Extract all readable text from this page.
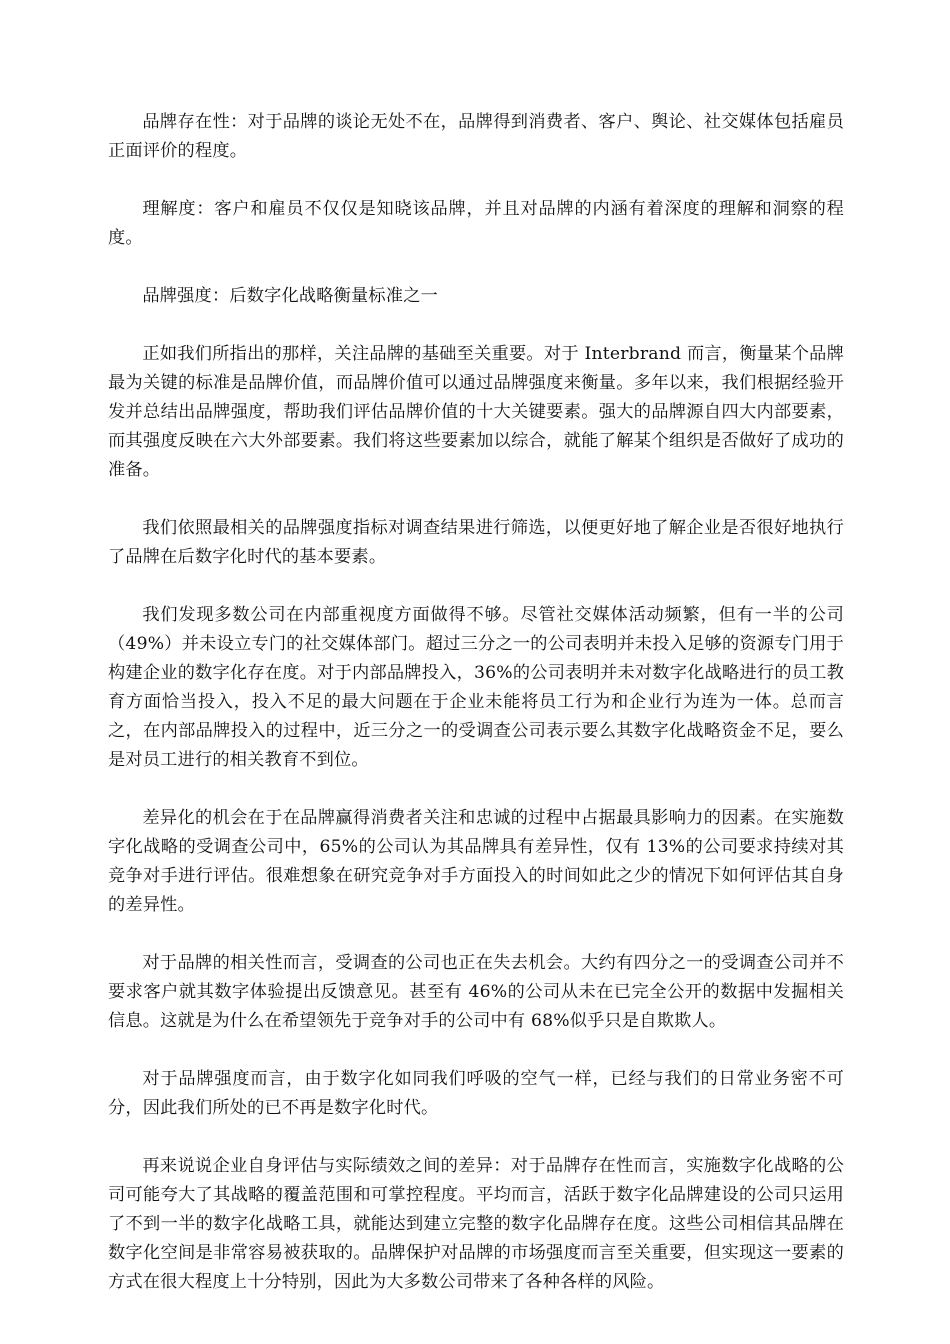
品牌存在性：对于品牌的谈论无处不在，品牌得到消费者、客户、舆论、社交媒体包括雇员正面评价的程度。

理解度：客户和雇员不仅仅是知晓该品牌，并且对品牌的内涵有着深度的理解和洞察的程度。

品牌强度：后数字化战略衡量标准之一

正如我们所指出的那样，关注品牌的基础至关重要。对于 Interbrand 而言，衡量某个品牌最为关键的标准是品牌价值，而品牌价值可以通过品牌强度来衡量。多年以来，我们根据经验开发并总结出品牌强度，帮助我们评估品牌价值的十大关键要素。强大的品牌源自四大内部要素，而其强度反映在六大外部要素。我们将这些要素加以综合，就能了解某个组织是否做好了成功的准备。

我们依照最相关的品牌强度指标对调查结果进行筛选，以便更好地了解企业是否很好地执行了品牌在后数字化时代的基本要素。

我们发现多数公司在内部重视度方面做得不够。尽管社交媒体活动频繁，但有一半的公司（49%）并未设立专门的社交媒体部门。超过三分之一的公司表明并未投入足够的资源专门用于构建企业的数字化存在度。对于内部品牌投入，36%的公司表明并未对数字化战略进行的员工教育方面恰当投入，投入不足的最大问题在于企业未能将员工行为和企业行为连为一体。总而言之，在内部品牌投入的过程中，近三分之一的受调查公司表示要么其数字化战略资金不足，要么是对员工进行的相关教育不到位。

差异化的机会在于在品牌赢得消费者关注和忠诚的过程中占据最具影响力的因素。在实施数字化战略的受调查公司中，65%的公司认为其品牌具有差异性，仅有 13%的公司要求持续对其竞争对手进行评估。很难想象在研究竞争对手方面投入的时间如此之少的情况下如何评估其自身的差异性。

对于品牌的相关性而言，受调查的公司也正在失去机会。大约有四分之一的受调查公司并不要求客户就其数字体验提出反馈意见。甚至有 46%的公司从未在已完全公开的数据中发掘相关信息。这就是为什么在希望领先于竞争对手的公司中有 68%似乎只是自欺欺人。

对于品牌强度而言，由于数字化如同我们呼吸的空气一样，已经与我们的日常业务密不可分，因此我们所处的已不再是数字化时代。

再来说说企业自身评估与实际绩效之间的差异：对于品牌存在性而言，实施数字化战略的公司可能夸大了其战略的覆盖范围和可掌控程度。平均而言，活跃于数字化品牌建设的公司只运用了不到一半的数字化战略工具，就能达到建立完整的数字化品牌存在度。这些公司相信其品牌在数字化空间是非常容易被获取的。品牌保护对品牌的市场强度而言至关重要，但实现这一要素的方式在很大程度上十分特别，因此为大多数公司带来了各种各样的风险。
